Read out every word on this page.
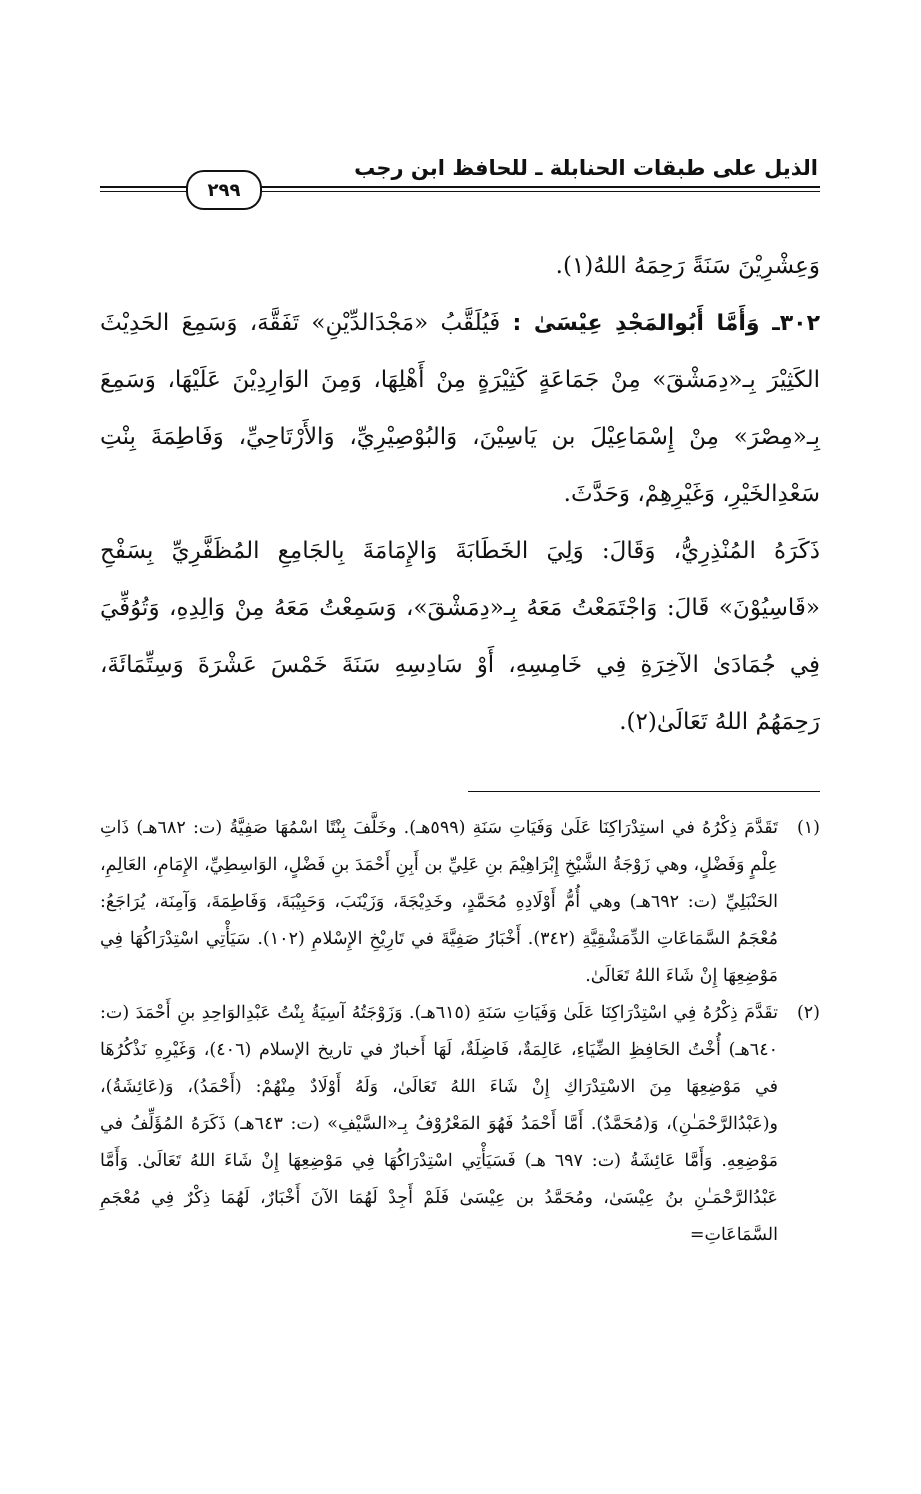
الذيل على طبقات الحنابلة ـ للحافظ ابن رجب
٢٩٩

وَعِشْرِيْنَ سَنَةً رَحِمَهُ اللهُ(١).

٣٠٢ـ وَأَمَّا أَبُوالمَجْدِ عِيْسَىٰ : فَيُلَقَّبُ «مَجْدَالدِّيْنِ» تَفَقَّهَ، وَسَمِعَ الحَدِيْثَ الكَثِيْرَ بِـ«دِمَشْقَ» مِنْ جَمَاعَةٍ كَثِيْرَةٍ مِنْ أَهْلِهَا، وَمِنَ الوَارِدِيْنَ عَلَيْهَا، وَسَمِعَ بِـ«مِصْرَ» مِنْ إِسْمَاعِيْلَ بن يَاسِيْنَ، وَالبُوْصِيْرِيِّ، وَالأَرْتَاحِيِّ، وَفَاطِمَةَ بِنْتِ سَعْدِالخَيْرِ، وَغَيْرِهِمْ، وَحَدَّثَ.

ذَكَرَهُ المُنْذِرِيُّ، وَقَالَ: وَلِيَ الخَطَابَةَ وَالإِمَامَةَ بِالجَامِعِ المُظَفَّرِيِّ بِسَفْحِ «قَاسِيُوْنَ» قَالَ: وَاجْتَمَعْتُ مَعَهُ بِـ«دِمَشْقَ»، وَسَمِعْتُ مَعَهُ مِنْ وَالِدِهِ، وَتُوُفِّيَ فِي جُمَادَىٰ الآخِرَةِ فِي خَامِسِهِ، أَوْ سَادِسِهِ سَنَةَ خَمْسَ عَشْرَةَ وَسِتِّمَائَةَ، رَحِمَهُمُ اللهُ تَعَالَىٰ(٢).

(١)
تَقَدَّمَ ذِكْرُهُ في استِدْرَاكِنَا عَلَىٰ وَفَيَاتِ سَنَةِ (٥٩٩هـ). وخَلَّفَ بِنْتًا اسْمُهَا صَفِيَّةُ (ت: ٦٨٢هـ) ذَاتِ عِلْمٍ وَفَضْلٍ، وهي زَوْجَةُ الشَّيْخِ إِبْرَاهِيْمَ بنِ عَلِيِّ بن أَبِنِ أَحْمَدَ بنِ فَضْلٍ، الوَاسِطِيِّ، الإِمَامِ، العَالِمِ، الحَنْبَلِيِّ (ت: ٦٩٢هـ) وهي أُمُّ أَوْلَادِهِ مُحَمَّدٍ، وخَدِيْجَةَ، وَزَيْنَبَ، وَحَبِيْبَةَ، وَفَاطِمَةَ، وَآمِنَة، يُرَاجَعُ: مُعْجَمُ السَّمَاعَاتِ الدِّمَشْقِيَّةِ (٣٤٢). أَخْبَارُ صَفِيَّةَ في تَارِيْخِ الإِسْلامِ (١٠٢). سَيَأْتِي اسْتِدْرَاكُهَا فِي مَوْضِعِهَا إِنْ شَاءَ اللهُ تَعَالَىٰ.
(٢)
تقَدَّمَ ذِكْرُهُ فِي اسْتِدْرَاكِنَا عَلَىٰ وَفَيَاتِ سَنَةِ (٦١٥هـ). وَزَوْجَتُهُ آسِيَةُ بِنْتُ عَبْدِالوَاحِدِ بنِ أَحْمَدَ (ت: ٦٤٠هـ) أُخْتُ الحَافِظِ الضِّيَاءِ، عَالِمَةٌ، فَاضِلَةٌ، لَهَا أَخبارٌ في تاريخ الإسلام (٤٠٦)، وَغَيْرِهِ نَذْكُرُهَا في مَوْضِعِهَا مِنَ الاسْتِدْرَاكِ إِنْ شَاءَ اللهُ تَعَالَىٰ، وَلَهُ أَوْلَادٌ مِنْهُمْ: (أَحْمَدُ)، وَ(عَائِشَةُ)، و(عَبْدُالرَّحْمَـٰنِ)، وَ(مُحَمَّدٌ). أَمَّا أَحْمَدُ فَهُوَ المَعْرُوْفُ بِـ«السَّيْفِ» (ت: ٦٤٣هـ) ذَكَرَهُ المُؤَلِّفُ في مَوْضِعِهِ. وَأَمَّا عَائِشَةُ (ت: ٦٩٧ هـ) فَسَيَأْتِي اسْتِدْرَاكُهَا فِي مَوْضِعِهَا إِنْ شَاءَ اللهُ تَعَالَىٰ. وَأَمَّا عَبْدُالرَّحْمَـٰنِ بنُ عِيْسَىٰ، ومُحَمَّدُ بن عِيْسَىٰ فَلَمْ أَجِدْ لَهُمَا الآنَ أَخْبَارٌ، لَهُمَا ذِكْرٌ فِي مُعْجَمِ السَّمَاعَاتِ=
